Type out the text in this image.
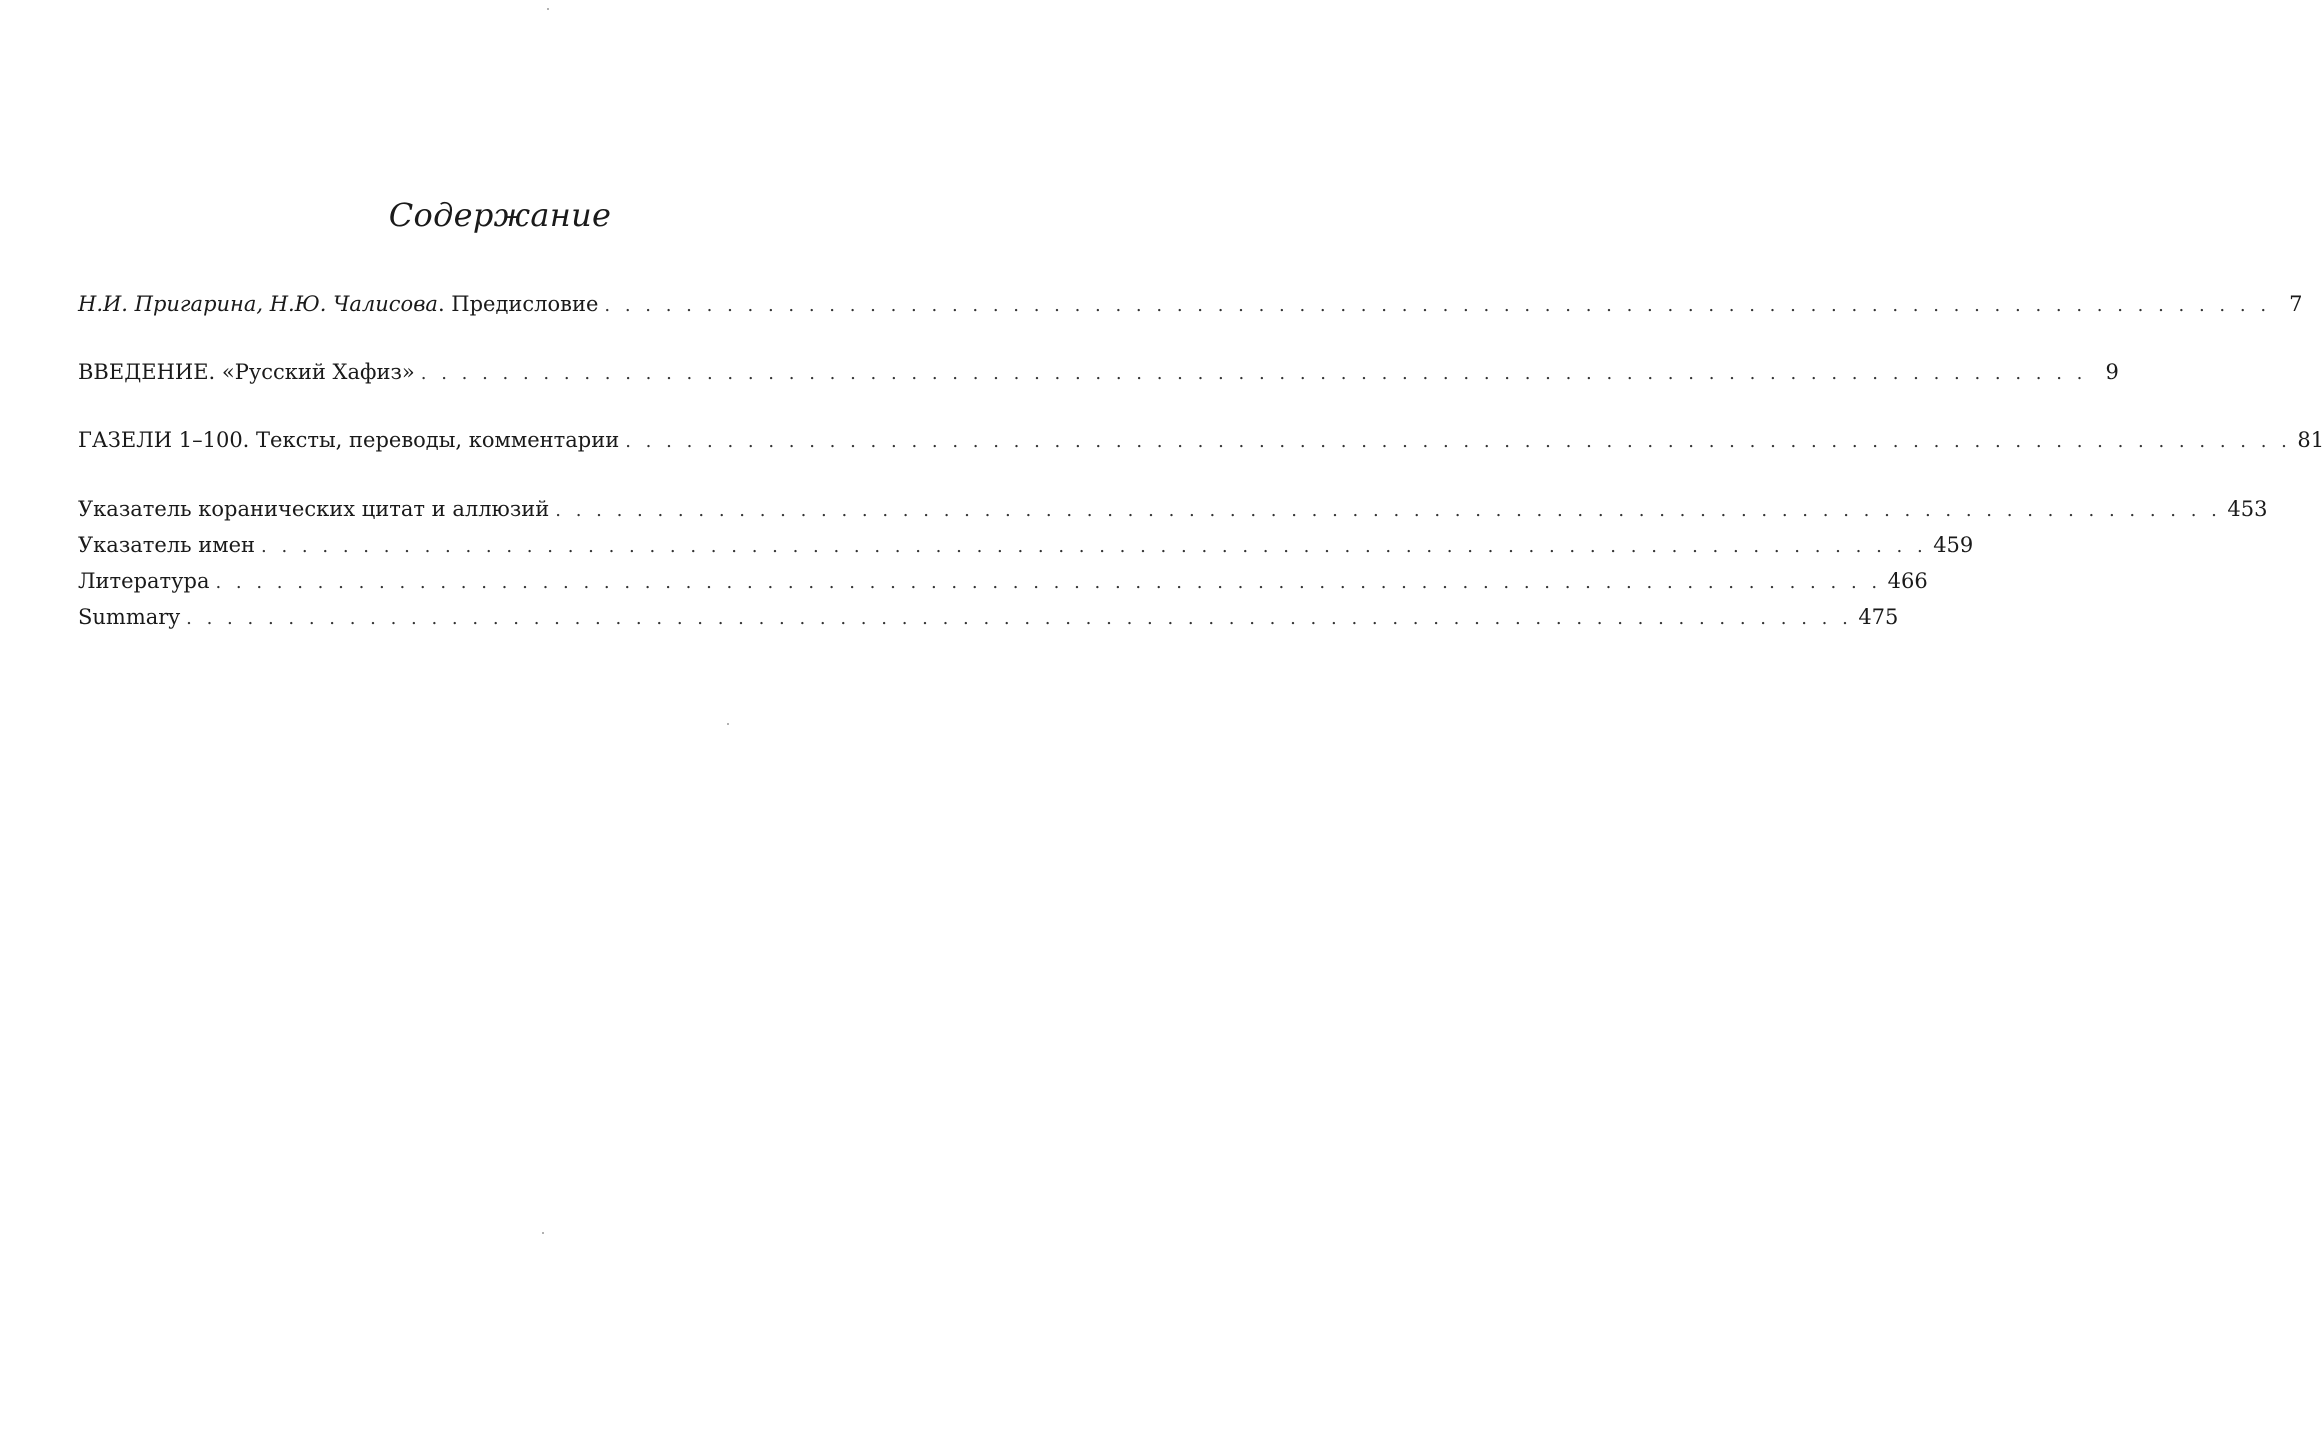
Содержание
Н.И. Пригарина, Н.Ю. Чалисова. Предисловие . . . . . . . . . . . . . . . . . . . . . . . . . . . . . . . . . . . . . . . . . . . . . . . . . . . . . . . . . . . . . . . . . . . . . . . . . . . . . . . . . . 7
ВВЕДЕНИЕ. «Русский Хафиз» . . . . . . . . . . . . . . . . . . . . . . . . . . . . . . . . . . . . . . . . . . . . . . . . . . . . . . . . . . . . . . . . . . . . . . . . . . . . . . . . . . 9
ГАЗЕЛИ 1–100. Тексты, переводы, комментарии . . . . . . . . . . . . . . . . . . . . . . . . . . . . . . . . . . . . . . . . . . . . . . . . . . . . . . . . . . . . . . . . . . . . . . . . . . . . . . . . . . 81
Указатель коранических цитат и аллюзий . . . . . . . . . . . . . . . . . . . . . . . . . . . . . . . . . . . . . . . . . . . . . . . . . . . . . . . . . . . . . . . . . . . . . . . . . . . . . . . . . . 453
Указатель имен . . . . . . . . . . . . . . . . . . . . . . . . . . . . . . . . . . . . . . . . . . . . . . . . . . . . . . . . . . . . . . . . . . . . . . . . . . . . . . . . . . 459
Литература . . . . . . . . . . . . . . . . . . . . . . . . . . . . . . . . . . . . . . . . . . . . . . . . . . . . . . . . . . . . . . . . . . . . . . . . . . . . . . . . . . 466
Summary . . . . . . . . . . . . . . . . . . . . . . . . . . . . . . . . . . . . . . . . . . . . . . . . . . . . . . . . . . . . . . . . . . . . . . . . . . . . . . . . . . 475
